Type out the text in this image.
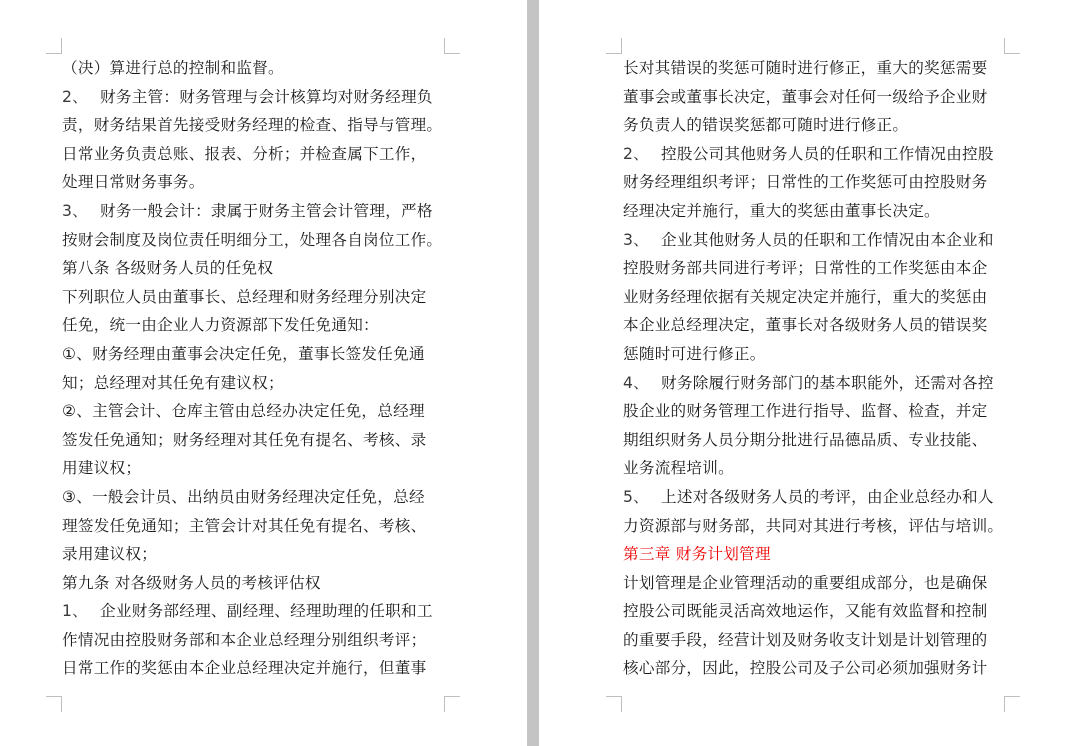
（决）算进行总的控制和监督。
2、 财务主管：财务管理与会计核算均对财务经理负
责，财务结果首先接受财务经理的检查、指导与管理。
日常业务负责总账、报表、分析；并检查属下工作，
处理日常财务事务。
3、 财务一般会计：隶属于财务主管会计管理，严格
按财会制度及岗位责任明细分工，处理各自岗位工作。
第八条 各级财务人员的任免权
下列职位人员由董事长、总经理和财务经理分别决定
任免，统一由企业人力资源部下发任免通知：
①、财务经理由董事会决定任免，董事长签发任免通
知；总经理对其任免有建议权；
②、主管会计、仓库主管由总经办决定任免，总经理
签发任免通知；财务经理对其任免有提名、考核、录
用建议权；
③、一般会计员、出纳员由财务经理决定任免，总经
理签发任免通知；主管会计对其任免有提名、考核、
录用建议权；
第九条 对各级财务人员的考核评估权
1、 企业财务部经理、副经理、经理助理的任职和工
作情况由控股财务部和本企业总经理分别组织考评；
日常工作的奖惩由本企业总经理决定并施行，但董事
长对其错误的奖惩可随时进行修正，重大的奖惩需要
董事会或董事长决定，董事会对任何一级给予企业财
务负责人的错误奖惩都可随时进行修正。
2、 控股公司其他财务人员的任职和工作情况由控股
财务经理组织考评；日常性的工作奖惩可由控股财务
经理决定并施行，重大的奖惩由董事长决定。
3、 企业其他财务人员的任职和工作情况由本企业和
控股财务部共同进行考评；日常性的工作奖惩由本企
业财务经理依据有关规定决定并施行，重大的奖惩由
本企业总经理决定，董事长对各级财务人员的错误奖
惩随时可进行修正。
4、 财务除履行财务部门的基本职能外，还需对各控
股企业的财务管理工作进行指导、监督、检查，并定
期组织财务人员分期分批进行品德品质、专业技能、
业务流程培训。
5、 上述对各级财务人员的考评，由企业总经办和人
力资源部与财务部，共同对其进行考核，评估与培训。
第三章 财务计划管理
计划管理是企业管理活动的重要组成部分，也是确保
控股公司既能灵活高效地运作，又能有效监督和控制
的重要手段，经营计划及财务收支计划是计划管理的
核心部分，因此，控股公司及子公司必须加强财务计
